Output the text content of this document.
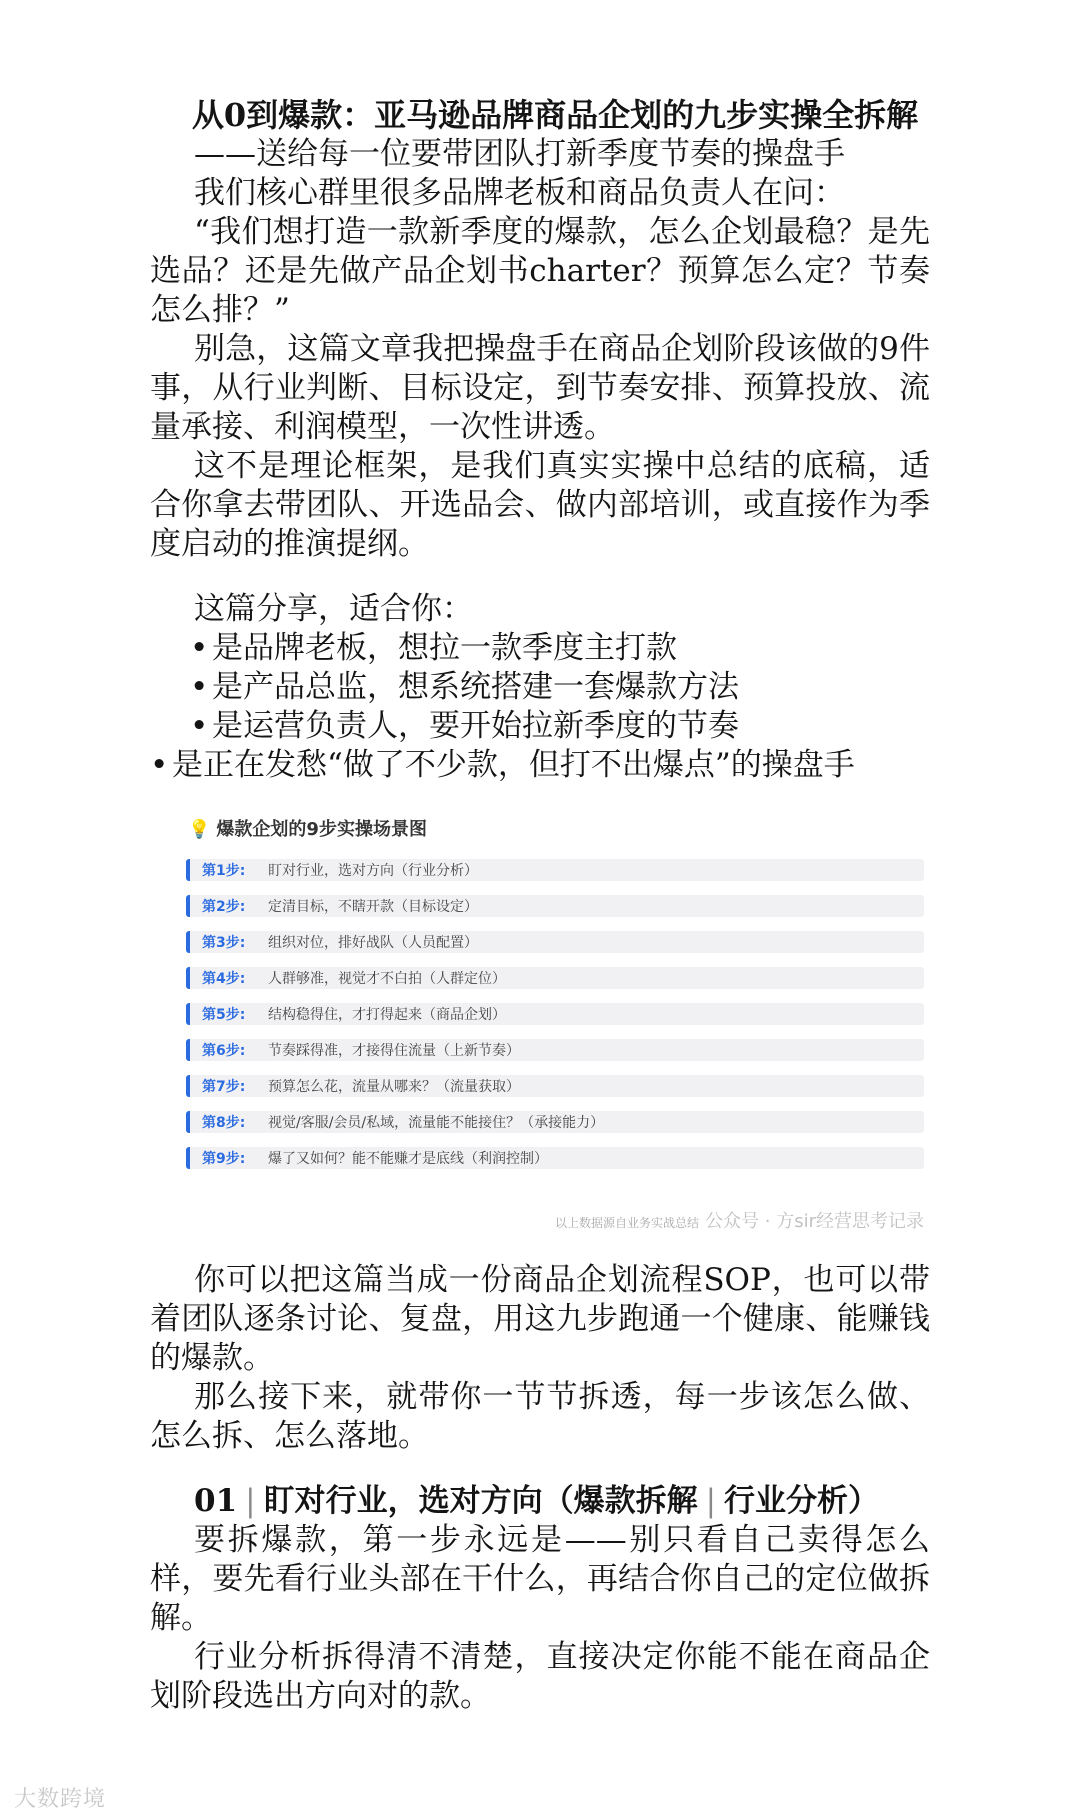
从0到爆款：亚马逊品牌商品企划的九步实操全拆解

——送给每一位要带团队打新季度节奏的操盘手

我们核心群里很多品牌老板和商品负责人在问：

“我们想打造一款新季度的爆款，怎么企划最稳？是先选品？还是先做产品企划书charter？预算怎么定？节奏怎么排？”

别急，这篇文章我把操盘手在商品企划阶段该做的9件事，从行业判断、目标设定，到节奏安排、预算投放、流量承接、利润模型，一次性讲透。

这不是理论框架，是我们真实实操中总结的底稿，适合你拿去带团队、开选品会、做内部培训，或直接作为季度启动的推演提纲。

这篇分享，适合你：

• 是品牌老板，想拉一款季度主打款
• 是产品总监，想系统搭建一套爆款方法
• 是运营负责人，要开始拉新季度的节奏
• 是正在发愁“做了不少款，但打不出爆点”的操盘手
💡 爆款企划的9步实操场景图
第1步:	盯对行业，选对方向（行业分析）
第2步:	定清目标，不瞎开款（目标设定）
第3步:	组织对位，排好战队（人员配置）
第4步:	人群够准，视觉才不白拍（人群定位）
第5步:	结构稳得住，才打得起来（商品企划）
第6步:	节奏踩得准，才接得住流量（上新节奏）
第7步:	预算怎么花，流量从哪来？（流量获取）
第8步:	视觉/客服/会员/私域，流量能不能接住？（承接能力）
第9步:	爆了又如何？能不能赚才是底线（利润控制）
以上数据源自业务实战总结 公众号 · 方sir经营思考记录

你可以把这篇当成一份商品企划流程SOP，也可以带着团队逐条讨论、复盘，用这九步跑通一个健康、能赚钱的爆款。

那么接下来，就带你一节节拆透，每一步该怎么做、怎么拆、怎么落地。

01 | 盯对行业，选对方向（爆款拆解 | 行业分析）

要拆爆款，第一步永远是——别只看自己卖得怎么样，要先看行业头部在干什么，再结合你自己的定位做拆解。

行业分析拆得清不清楚，直接决定你能不能在商品企划阶段选出方向对的款。

大数跨境
